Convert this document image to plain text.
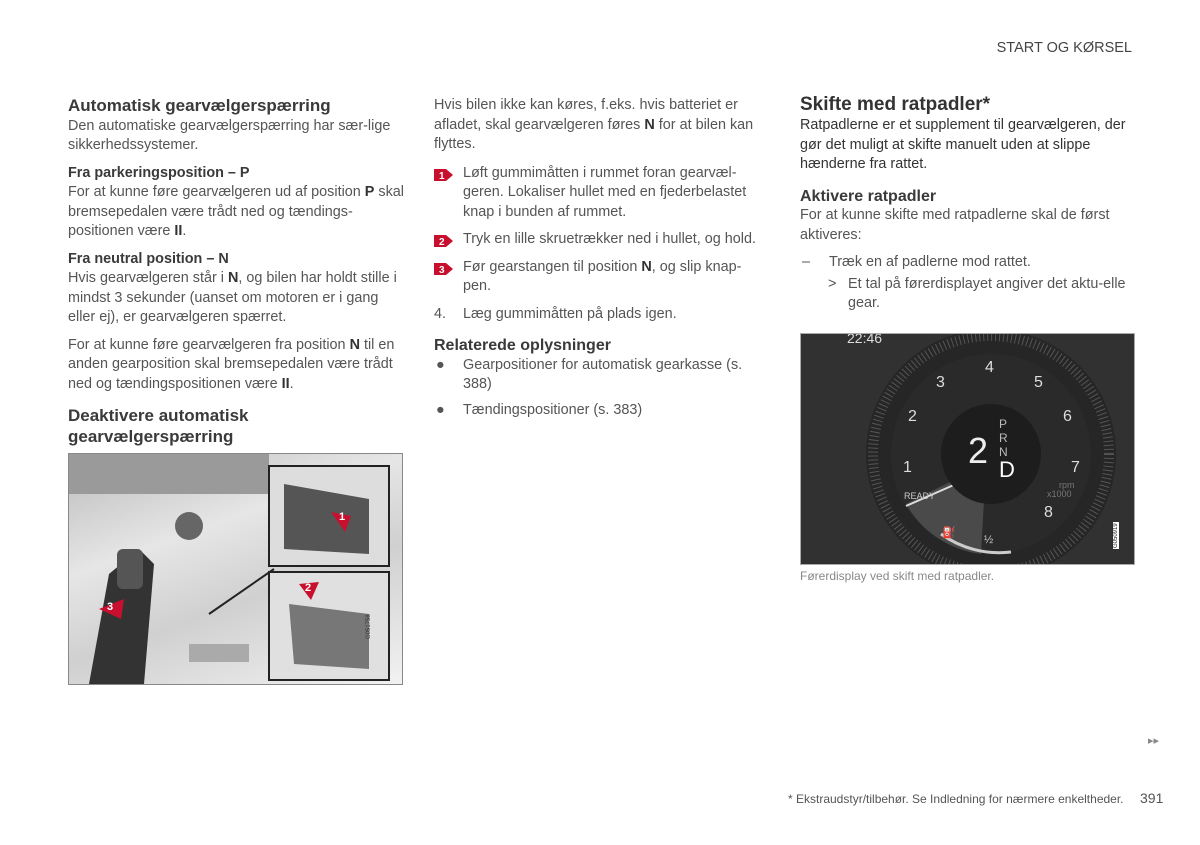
START OG KØRSEL
Automatisk gearvælgerspærring

Den automatiske gearvælgerspærring har sær-lige sikkerhedssystemer.

Fra parkeringsposition – P

For at kunne føre gearvælgeren ud af position P skal bremsepedalen være trådt ned og tændings-positionen være II.

Fra neutral position – N

Hvis gearvælgeren står i N, og bilen har holdt stille i mindst 3 sekunder (uanset om motoren er i gang eller ej), er gearvælgeren spærret.

For at kunne føre gearvælgeren fra position N til en anden gearposition skal bremsepedalen være trådt ned og tændingspositionen være II.

Deaktivere automatisk gearvælgerspærring
1
2
3
G051758

Hvis bilen ikke kan køres, f.eks. hvis batteriet er afladet, skal gearvælgeren føres N for at bilen kan flyttes.

1 Løft gummimåtten i rummet foran gearvæl-geren. Lokaliser hullet med en fjederbelastet knap i bunden af rummet.
2 Tryk en lille skruetrækker ned i hullet, og hold.
3 Før gearstangen til position N, og slip knap-pen.
4. Læg gummimåtten på plads igen.
Relaterede oplysninger
● Gearpositioner for automatisk gearkasse (s. 388)
● Tændingspositioner (s. 383)
Skifte med ratpadler*

Ratpadlerne er et supplement til gearvælgeren, der gør det muligt at skifte manuelt uden at slippe hænderne fra rattet.

Aktivere ratpadler

For at kunne skifte med ratpadlerne skal de først aktiveres:

– Træk en af padlerne mod rattet.
> Et tal på førerdisplayet angiver det aktu-elle gear.
22:46
2
P
R
N
D
1
2
3
4
5
6
7
8
rpm
x1000
READY
⛽
½	G050919
Førerdisplay ved skift med ratpadler.
▸▸
* Ekstraudstyr/tilbehør. Se Indledning for nærmere enkeltheder. 391
